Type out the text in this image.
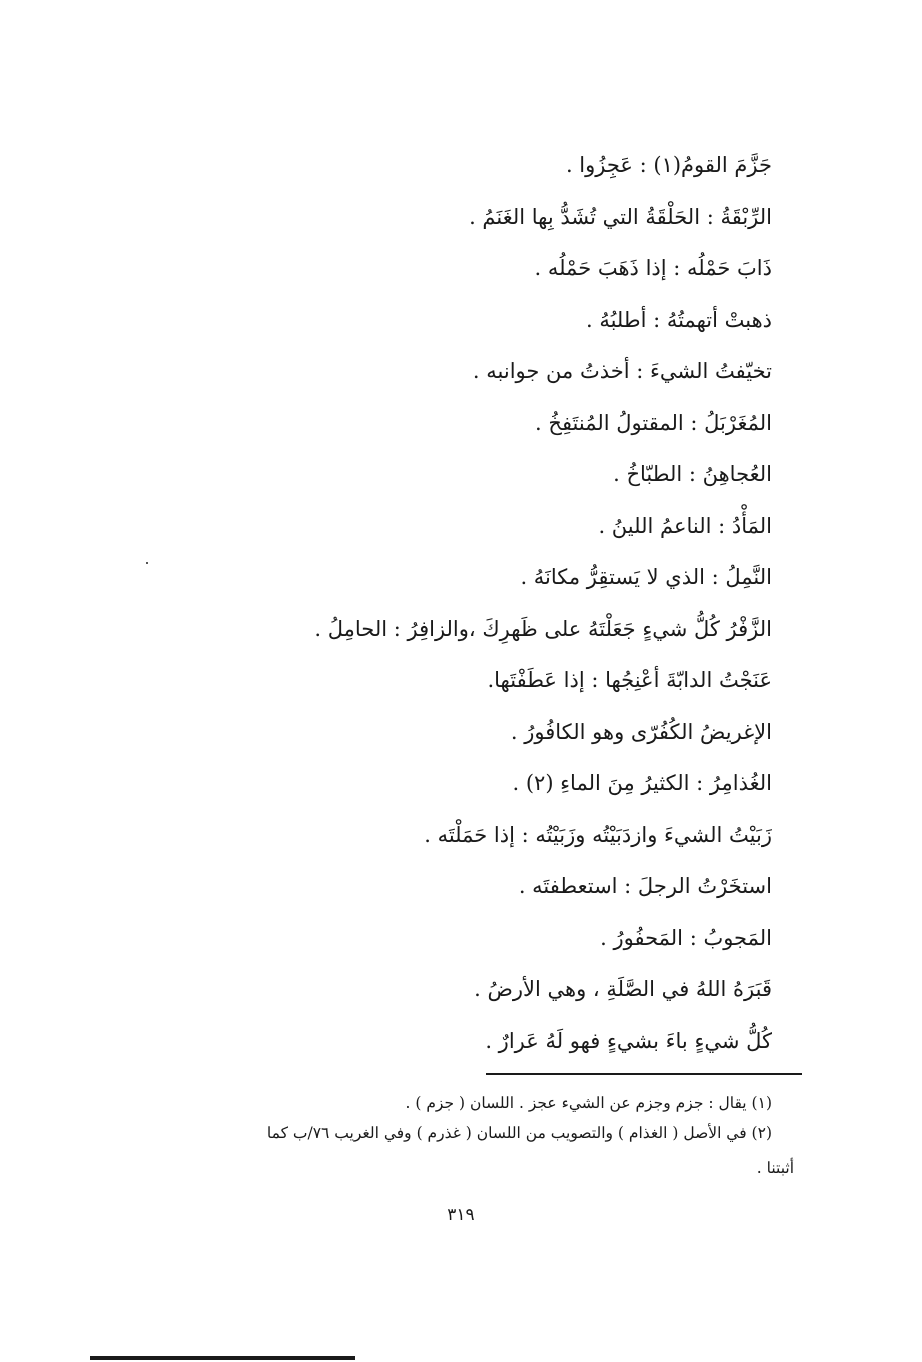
جَزَّمَ القومُ(١) : عَجِزُوا .
الرِّبْقَةُ : الحَلْقَةُ التي تُشَدُّ بِها الغَنَمُ .
ذَابَ حَمْلُه : إذا ذَهَبَ حَمْلُه .
ذهبتْ أتهمتُهُ : أطلبُهُ .
تخيّفتُ الشيءَ : أخذتُ من جوانبه .
المُغَرْبَلُ : المقتولُ المُنتَفِخُ .
العُجاهِنُ : الطبّاخُ .
المَأْدُ : الناعمُ اللينُ .
النَّمِلُ : الذي لا يَستقِرُّ مكانَهُ .
الزَّفْرُ كُلُّ شيءٍ جَعَلْتَهُ على ظَهرِكَ ،والزافِرُ : الحامِلُ .
عَنَجْتُ الدابّةَ أعْنِجُها : إذا عَطَفْتَها.
الإغريضُ الكُفُرّى وهو الكافُورُ .
الغُذامِرُ : الكثيرُ مِنَ الماءِ (٢) .
زَبَيْتُ الشيءَ وازدَبَيْتُه وزَبَيْتُه : إذا حَمَلْتَه .
استخَرْتُ الرجلَ : استعطفتَه .
المَجوبُ : المَحفُورُ .
قَبَرَهُ اللهُ في الصَّلَةِ ، وهي الأرضُ .
كُلُّ شيءٍ باءَ بشيءٍ فهو لَهُ عَرارٌ .
(١) يقال : جزم وجزم عن الشيء عجز . اللسان ( جزم ) .
(٢) في الأصل ( الغذام ) والتصويب من اللسان ( غذرم ) وفي الغريب ٧٦/ب كما
أثبتنا .
٣١٩
